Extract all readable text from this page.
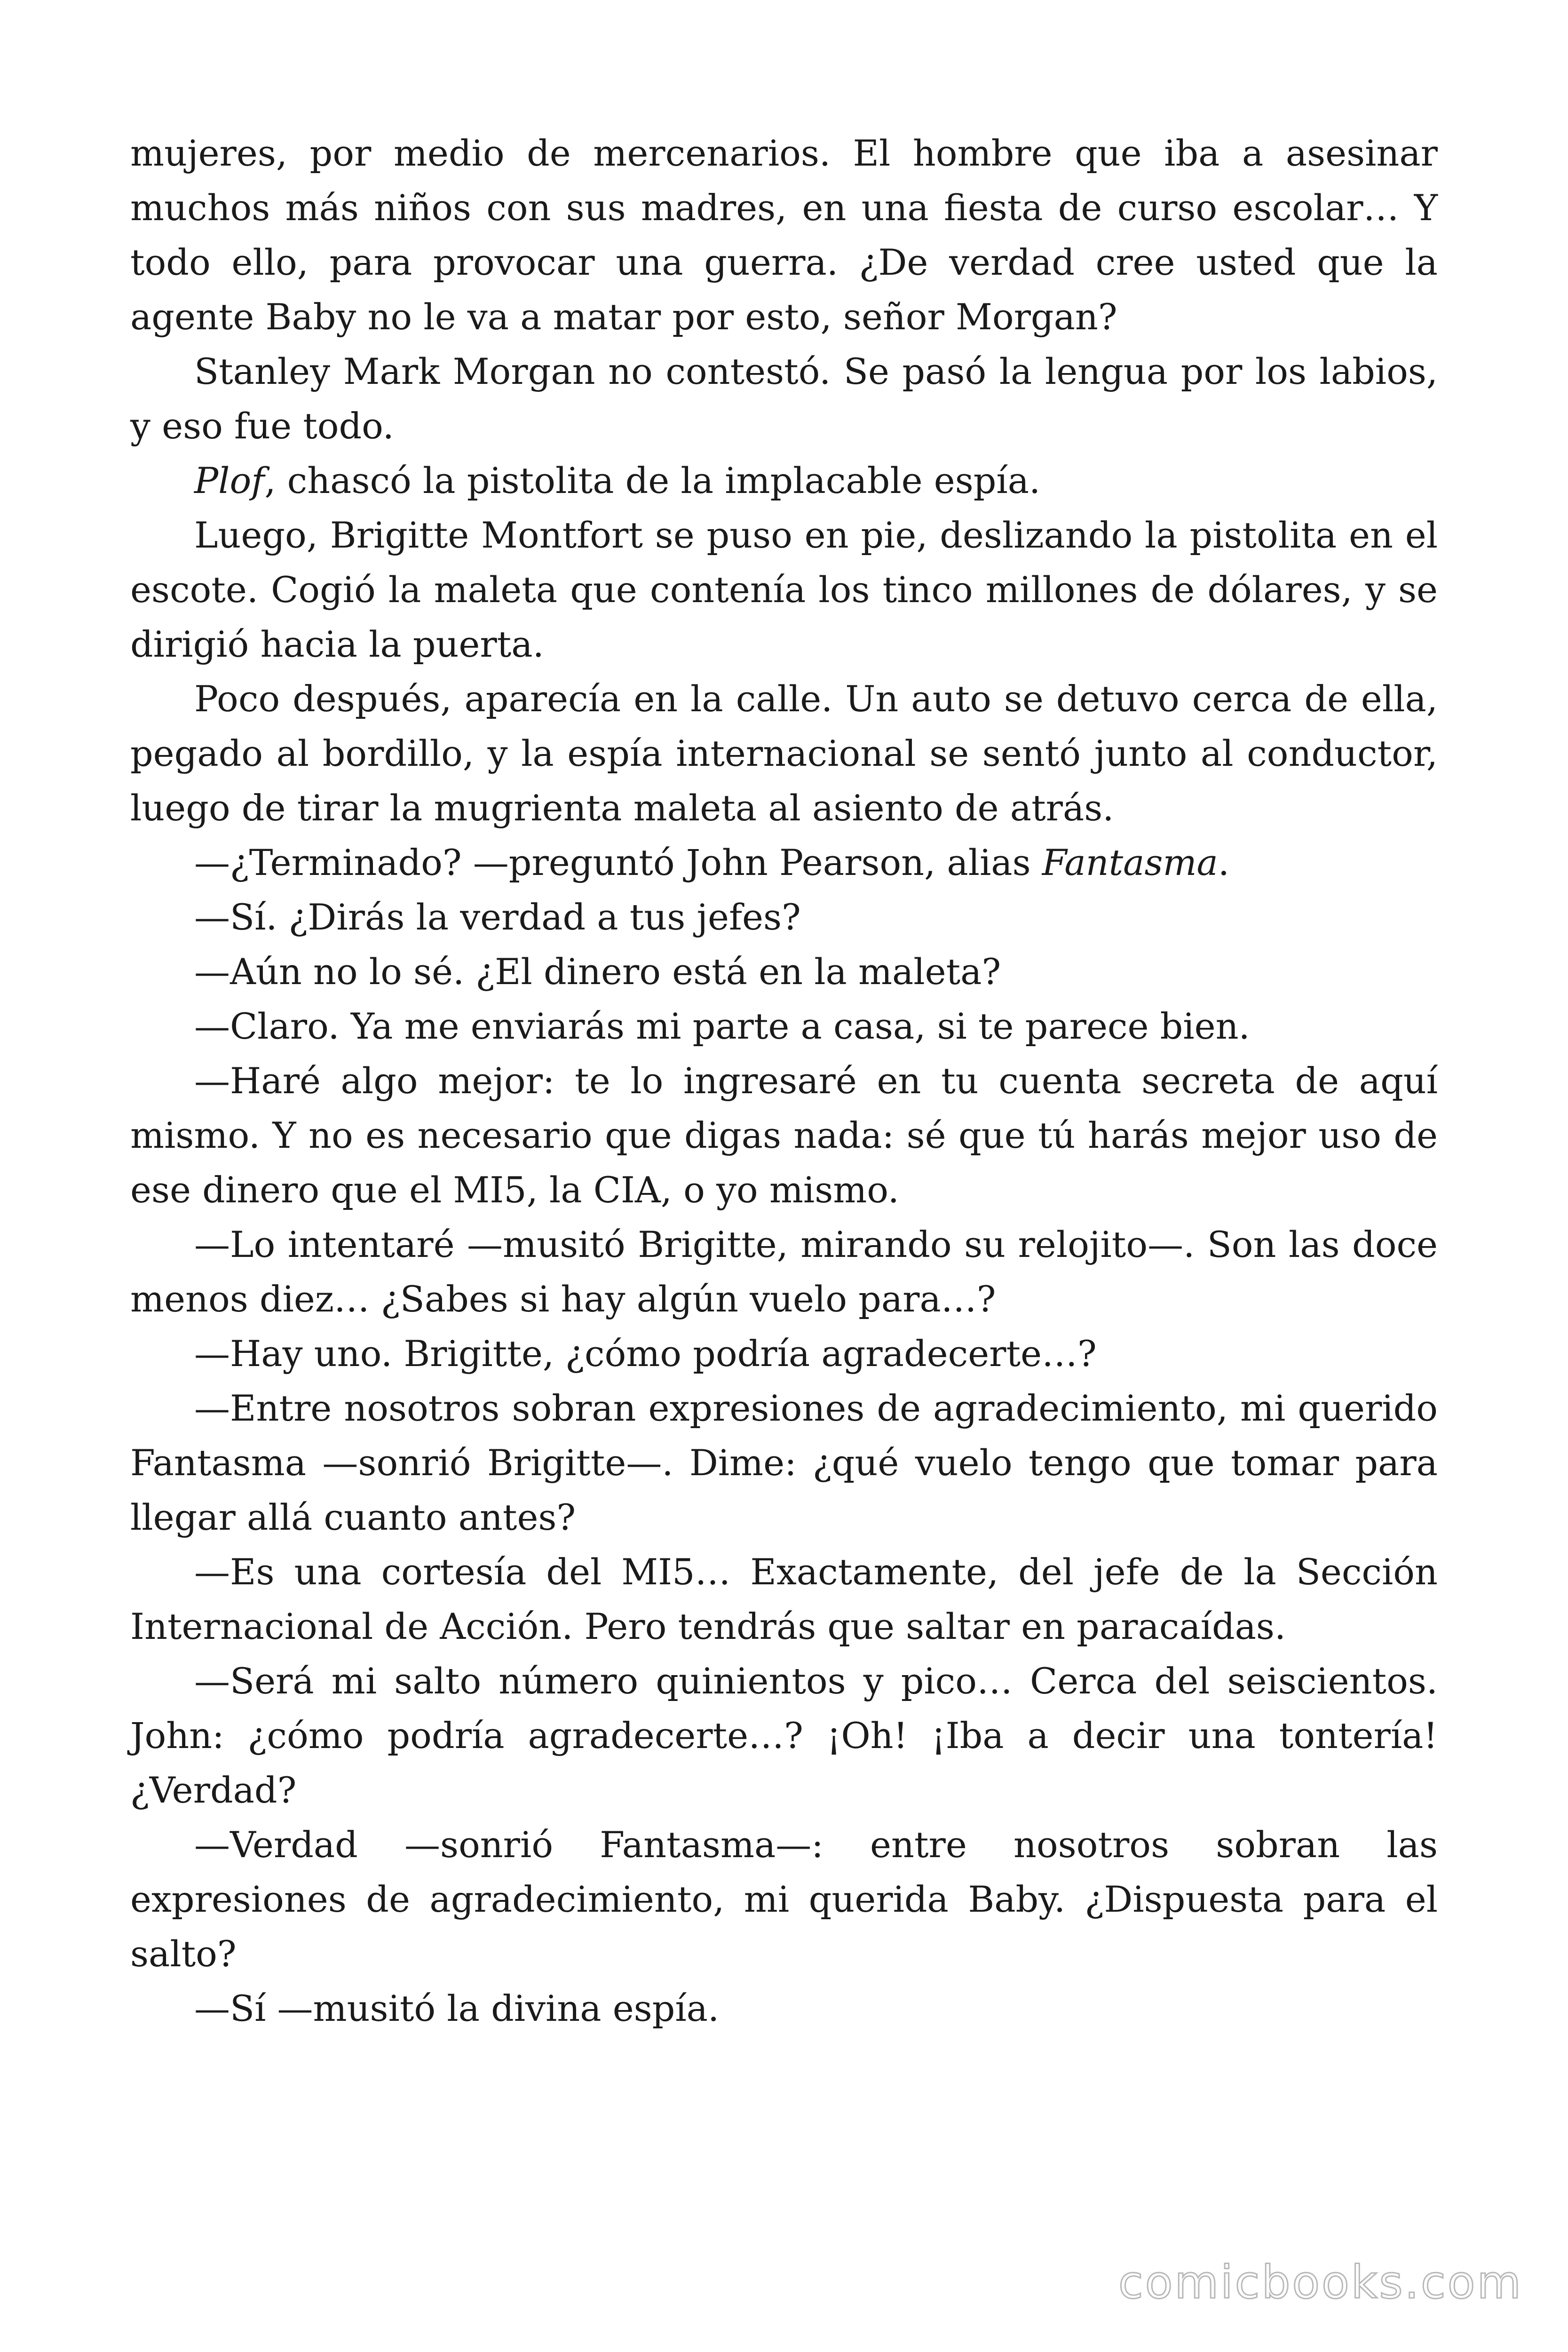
mujeres, por medio de mercenarios. El hombre que iba a asesinar muchos más niños con sus madres, en una fiesta de curso escolar… Y todo ello, para provocar una guerra. ¿De verdad cree usted que la agente Baby no le va a matar por esto, señor Morgan?

Stanley Mark Morgan no contestó. Se pasó la lengua por los labios, y eso fue todo.

Plof, chascó la pistolita de la implacable espía.

Luego, Brigitte Montfort se puso en pie, deslizando la pistolita en el escote. Cogió la maleta que contenía los tinco millones de dólares, y se dirigió hacia la puerta.

Poco después, aparecía en la calle. Un auto se detuvo cerca de ella, pegado al bordillo, y la espía internacional se sentó junto al conductor, luego de tirar la mugrienta maleta al asiento de atrás.

—¿Terminado? —preguntó John Pearson, alias Fantasma.

—Sí. ¿Dirás la verdad a tus jefes?

—Aún no lo sé. ¿El dinero está en la maleta?

—Claro. Ya me enviarás mi parte a casa, si te parece bien.

—Haré algo mejor: te lo ingresaré en tu cuenta secreta de aquí mismo. Y no es necesario que digas nada: sé que tú harás mejor uso de ese dinero que el MI5, la CIA, o yo mismo.

—Lo intentaré —musitó Brigitte, mirando su relojito—. Son las doce menos diez… ¿Sabes si hay algún vuelo para…?

—Hay uno. Brigitte, ¿cómo podría agradecerte…?

—Entre nosotros sobran expresiones de agradecimiento, mi querido Fantasma —sonrió Brigitte—. Dime: ¿qué vuelo tengo que tomar para llegar allá cuanto antes?

—Es una cortesía del MI5… Exactamente, del jefe de la Sección Internacional de Acción. Pero tendrás que saltar en paracaídas.

—Será mi salto número quinientos y pico… Cerca del seiscientos. John: ¿cómo podría agradecerte…? ¡Oh! ¡Iba a decir una tontería! ¿Verdad?

—Verdad —sonrió Fantasma—: entre nosotros sobran las expresiones de agradecimiento, mi querida Baby. ¿Dispuesta para el salto?

—Sí —musitó la divina espía.

comicbooks.com
